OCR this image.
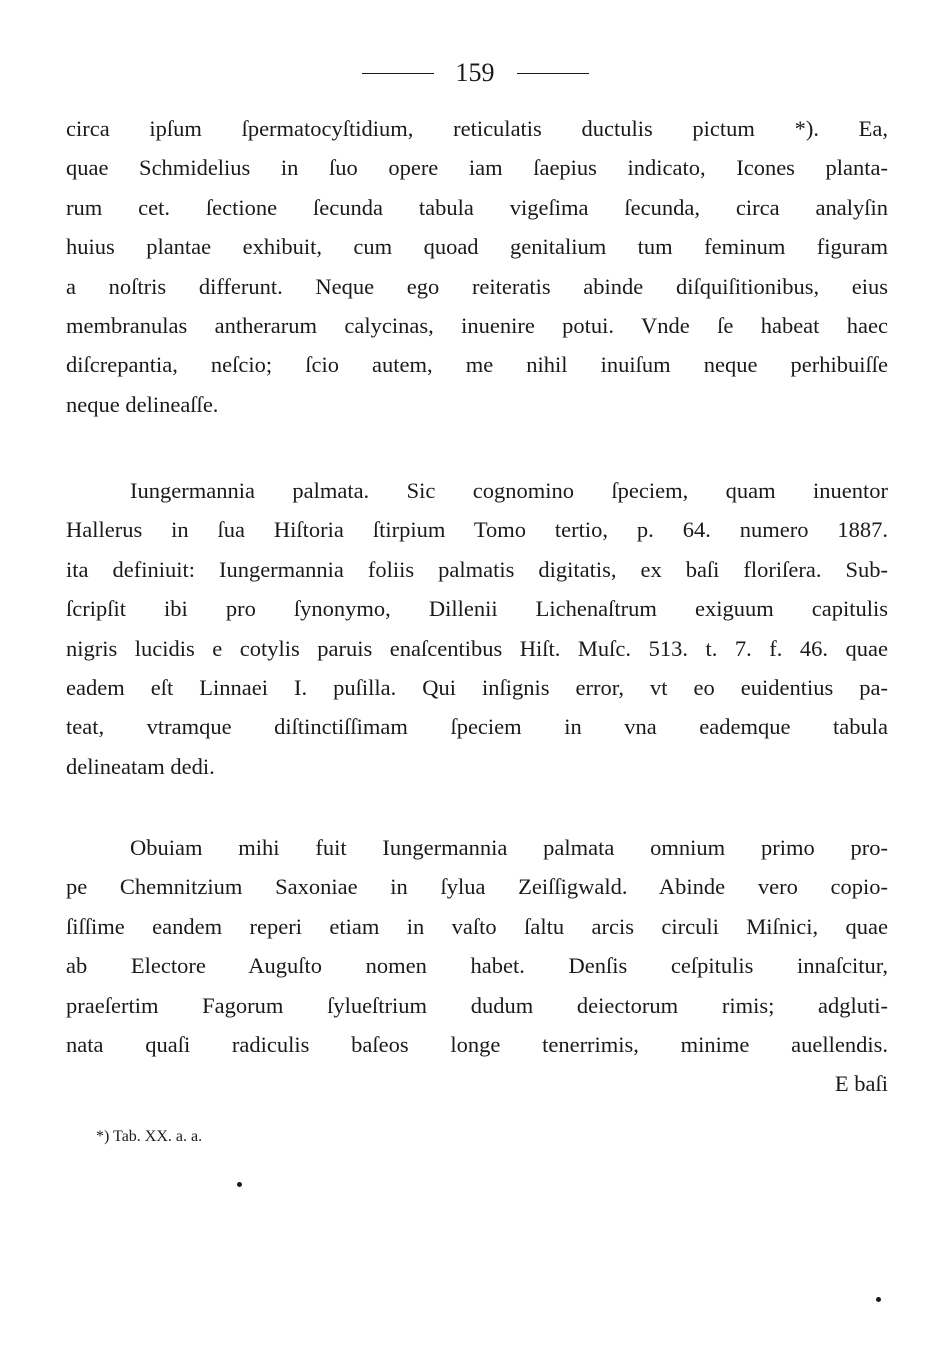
159
circa ipſum ſpermatocyſtidium, reticulatis ductulis pictum *). Ea,
quae Schmidelius in ſuo opere iam ſaepius indicato, Icones planta-
rum cet. ſectione ſecunda tabula vigeſima ſecunda, circa analyſin
huius plantae exhibuit, cum quoad genitalium tum feminum figuram
a noſtris differunt. Neque ego reiteratis abinde diſquiſitionibus, eius
membranulas antherarum calycinas, inuenire potui. Vnde ſe habeat haec
diſcrepantia, neſcio; ſcio autem, me nihil inuiſum neque perhibuiſſe
neque delineaſſe.
Iungermannia palmata. Sic cognomino ſpeciem, quam inuentor
Hallerus in ſua Hiſtoria ſtirpium Tomo tertio, p. 64. numero 1887.
ita definiuit: Iungermannia foliis palmatis digitatis, ex baſi floriſera. Sub-
ſcripſit ibi pro ſynonymo, Dillenii Lichenaſtrum exiguum capitulis
nigris lucidis e cotylis paruis enaſcentibus Hiſt. Muſc. 513. t. 7. f. 46. quae
eadem eſt Linnaei I. puſilla. Qui inſignis error, vt eo euidentius pa-
teat, vtramque diſtinctiſſimam ſpeciem in vna eademque tabula
delineatam dedi.
Obuiam mihi fuit Iungermannia palmata omnium primo pro-
pe Chemnitzium Saxoniae in ſylua Zeiſſigwald. Abinde vero copio-
ſiſſime eandem reperi etiam in vaſto ſaltu arcis circuli Miſnici, quae
ab Electore Auguſto nomen habet. Denſis ceſpitulis innaſcitur,
praeſertim Fagorum ſylueſtrium dudum deiectorum rimis; adgluti-
nata quaſi radiculis baſeos longe tenerrimis, minime auellendis.
E baſi
*) Tab. XX. a. a.
